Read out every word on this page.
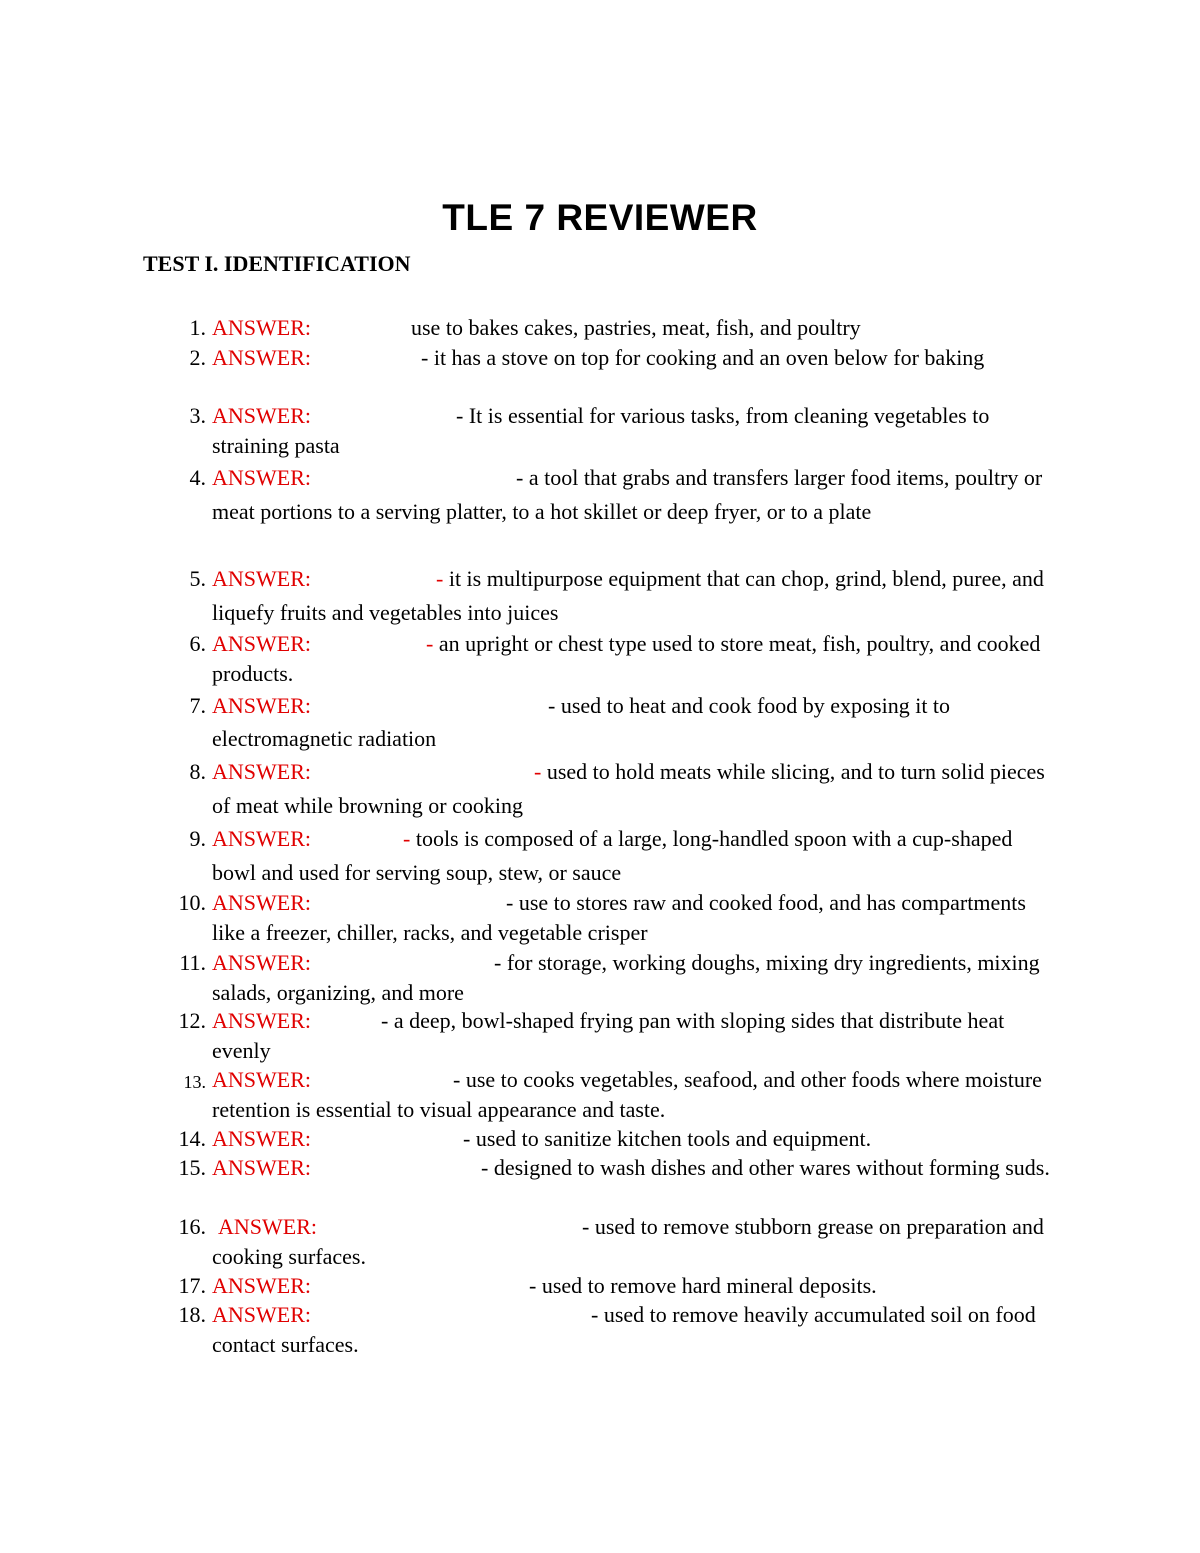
TLE 7 REVIEWER
TEST I. IDENTIFICATION
1. ANSWER:	use to bakes cakes, pastries, meat, fish, and poultry
2. ANSWER:	- it has a stove on top for cooking and an oven below for baking
3. ANSWER:	- It is essential for various tasks, from cleaning vegetables to straining pasta
4. ANSWER:	- a tool that grabs and transfers larger food items, poultry or meat portions to a serving platter, to a hot skillet or deep fryer, or to a plate
5. ANSWER:	- it is multipurpose equipment that can chop, grind, blend, puree, and liquefy fruits and vegetables into juices
6. ANSWER:	- an upright or chest type used to store meat, fish, poultry, and cooked products.
7. ANSWER:	- used to heat and cook food by exposing it to electromagnetic radiation
8. ANSWER:	- used to hold meats while slicing, and to turn solid pieces of meat while browning or cooking
9. ANSWER:	- tools is composed of a large, long-handled spoon with a cup-shaped bowl and used for serving soup, stew, or sauce
10. ANSWER:	- use to stores raw and cooked food, and has compartments like a freezer, chiller, racks, and vegetable crisper
11. ANSWER:	- for storage, working doughs, mixing dry ingredients, mixing salads, organizing, and more
12. ANSWER:	- a deep, bowl-shaped frying pan with sloping sides that distribute heat evenly
13. ANSWER:	- use to cooks vegetables, seafood, and other foods where moisture retention is essential to visual appearance and taste.
14. ANSWER:	- used to sanitize kitchen tools and equipment.
15. ANSWER:	- designed to wash dishes and other wares without forming suds.
16. ANSWER:	- used to remove stubborn grease on preparation and cooking surfaces.
17. ANSWER:	- used to remove hard mineral deposits.
18. ANSWER:	- used to remove heavily accumulated soil on food contact surfaces.
